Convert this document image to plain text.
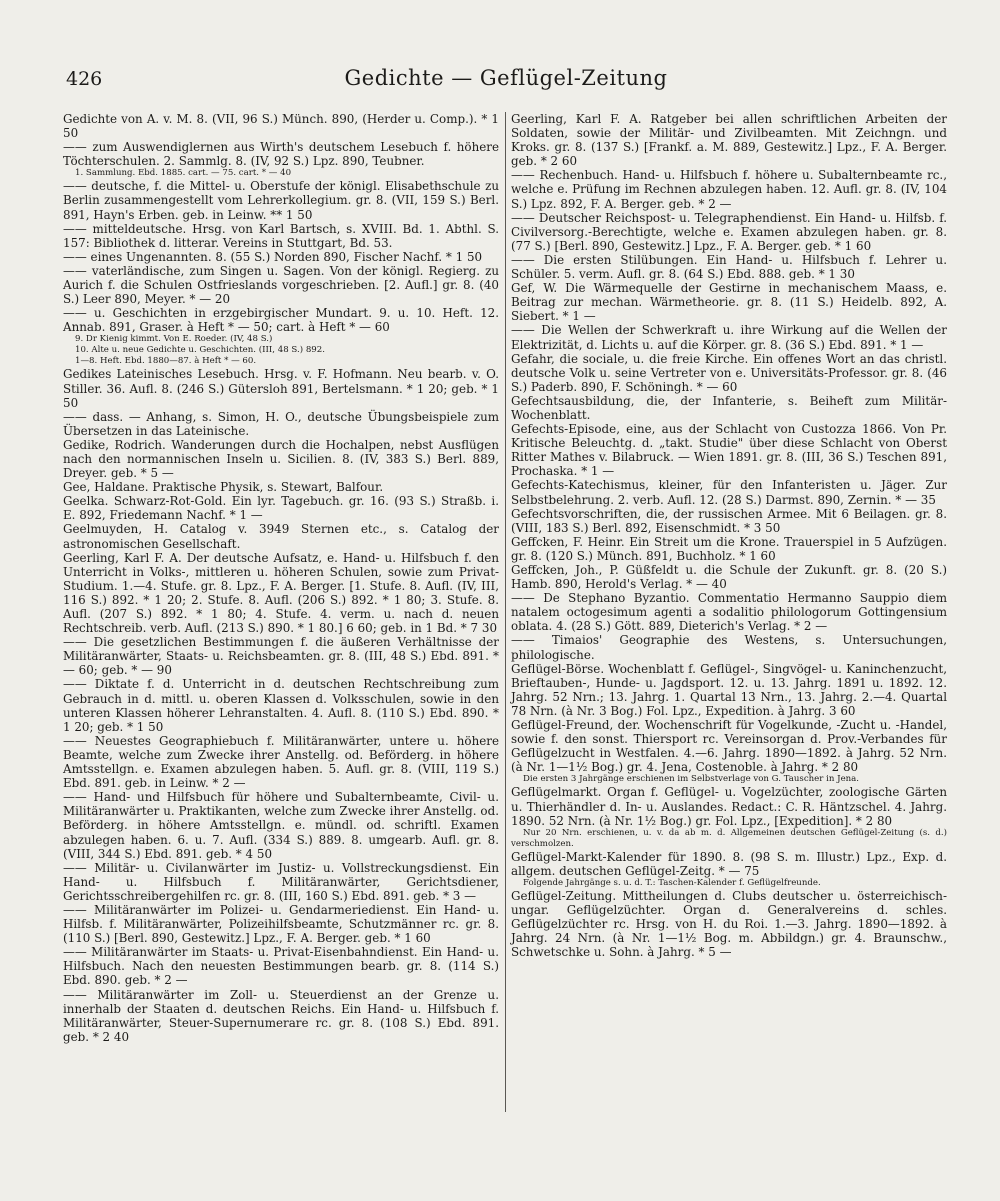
426	Gedichte — Geflügel-Zeitung

Gedichte von A. v. M. 8. (VII, 96 S.) Münch. 890, (Herder u. Comp.). * 1 50

—— zum Auswendiglernen aus Wirth's deutschem Lesebuch f. höhere Töchterschulen. 2. Sammlg. 8. (IV, 92 S.) Lpz. 890, Teubner.

1. Sammlung. Ebd. 1885. cart. — 75. cart. * — 40

—— deutsche, f. die Mittel- u. Oberstufe der königl. Elisabethschule zu Berlin zusammengestellt vom Lehrerkollegium. gr. 8. (VII, 159 S.) Berl. 891, Hayn's Erben. geb. in Leinw. ** 1 50

—— mitteldeutsche. Hrsg. von Karl Bartsch, s. XVIII. Bd. 1. Abthl. S. 157: Bibliothek d. litterar. Vereins in Stuttgart, Bd. 53.

—— eines Ungenannten. 8. (55 S.) Norden 890, Fischer Nachf. * 1 50

—— vaterländische, zum Singen u. Sagen. Von der königl. Regierg. zu Aurich f. die Schulen Ostfrieslands vorgeschrieben. [2. Aufl.] gr. 8. (40 S.) Leer 890, Meyer. * — 20

—— u. Geschichten in erzgebirgischer Mundart. 9. u. 10. Heft. 12. Annab. 891, Graser. à Heft * — 50; cart. à Heft * — 60

9. Dr Kienig kimmt. Von E. Roeder. (IV, 48 S.)

10. Alte u. neue Gedichte u. Geschichten. (III, 48 S.) 892.

1—8. Heft. Ebd. 1880—87. à Heft * — 60.

Gedikes Lateinisches Lesebuch. Hrsg. v. F. Hofmann. Neu bearb. v. O. Stiller. 36. Aufl. 8. (246 S.) Gütersloh 891, Bertelsmann. * 1 20; geb. * 1 50

—— dass. — Anhang, s. Simon, H. O., deutsche Übungsbeispiele zum Übersetzen in das Lateinische.

Gedike, Rodrich. Wanderungen durch die Hochalpen, nebst Ausflügen nach den normannischen Inseln u. Sicilien. 8. (IV, 383 S.) Berl. 889, Dreyer. geb. * 5 —

Gee, Haldane. Praktische Physik, s. Stewart, Balfour.

Geelka. Schwarz-Rot-Gold. Ein lyr. Tagebuch. gr. 16. (93 S.) Straßb. i. E. 892, Friedemann Nachf. * 1 —

Geelmuyden, H. Catalog v. 3949 Sternen etc., s. Catalog der astronomischen Gesellschaft.

Geerling, Karl F. A. Der deutsche Aufsatz, e. Hand- u. Hilfsbuch f. den Unterricht in Volks-, mittleren u. höheren Schulen, sowie zum Privat-Studium. 1.—4. Stufe. gr. 8. Lpz., F. A. Berger. [1. Stufe. 8. Aufl. (IV, III, 116 S.) 892. * 1 20; 2. Stufe. 8. Aufl. (206 S.) 892. * 1 80; 3. Stufe. 8. Aufl. (207 S.) 892. * 1 80; 4. Stufe. 4. verm. u. nach d. neuen Rechtschreib. verb. Aufl. (213 S.) 890. * 1 80.] 6 60; geb. in 1 Bd. * 7 30

—— Die gesetzlichen Bestimmungen f. die äußeren Verhältnisse der Militäranwärter, Staats- u. Reichsbeamten. gr. 8. (III, 48 S.) Ebd. 891. * — 60; geb. * — 90

—— Diktate f. d. Unterricht in d. deutschen Rechtschreibung zum Gebrauch in d. mittl. u. oberen Klassen d. Volksschulen, sowie in den unteren Klassen höherer Lehranstalten. 4. Aufl. 8. (110 S.) Ebd. 890. * 1 20; geb. * 1 50

—— Neuestes Geographiebuch f. Militäranwärter, untere u. höhere Beamte, welche zum Zwecke ihrer Anstellg. od. Beförderg. in höhere Amtsstellgn. e. Examen abzulegen haben. 5. Aufl. gr. 8. (VIII, 119 S.) Ebd. 891. geb. in Leinw. * 2 —

—— Hand- und Hilfsbuch für höhere und Subalternbeamte, Civil- u. Militäranwärter u. Praktikanten, welche zum Zwecke ihrer Anstellg. od. Beförderg. in höhere Amtsstellgn. e. mündl. od. schriftl. Examen abzulegen haben. 6. u. 7. Aufl. (334 S.) 889. 8. umgearb. Aufl. gr. 8. (VIII, 344 S.) Ebd. 891. geb. * 4 50

—— Militär- u. Civilanwärter im Justiz- u. Vollstreckungsdienst. Ein Hand- u. Hilfsbuch f. Militäranwärter, Gerichtsdiener, Gerichtsschreibergehilfen rc. gr. 8. (III, 160 S.) Ebd. 891. geb. * 3 —

—— Militäranwärter im Polizei- u. Gendarmeriedienst. Ein Hand- u. Hilfsb. f. Militäranwärter, Polizeihilfsbeamte, Schutzmänner rc. gr. 8. (110 S.) [Berl. 890, Gestewitz.] Lpz., F. A. Berger. geb. * 1 60

—— Militäranwärter im Staats- u. Privat-Eisenbahndienst. Ein Hand- u. Hilfsbuch. Nach den neuesten Bestimmungen bearb. gr. 8. (114 S.) Ebd. 890. geb. * 2 —

—— Militäranwärter im Zoll- u. Steuerdienst an der Grenze u. innerhalb der Staaten d. deutschen Reichs. Ein Hand- u. Hilfsbuch f. Militäranwärter, Steuer-Supernumerare rc. gr. 8. (108 S.) Ebd. 891. geb. * 2 40

Geerling, Karl F. A. Ratgeber bei allen schriftlichen Arbeiten der Soldaten, sowie der Militär- und Zivilbeamten. Mit Zeichngn. und Kroks. gr. 8. (137 S.) [Frankf. a. M. 889, Gestewitz.] Lpz., F. A. Berger. geb. * 2 60

—— Rechenbuch. Hand- u. Hilfsbuch f. höhere u. Subalternbeamte rc., welche e. Prüfung im Rechnen abzulegen haben. 12. Aufl. gr. 8. (IV, 104 S.) Lpz. 892, F. A. Berger. geb. * 2 —

—— Deutscher Reichspost- u. Telegraphendienst. Ein Hand- u. Hilfsb. f. Civilversorg.-Berechtigte, welche e. Examen abzulegen haben. gr. 8. (77 S.) [Berl. 890, Gestewitz.] Lpz., F. A. Berger. geb. * 1 60

—— Die ersten Stilübungen. Ein Hand- u. Hilfsbuch f. Lehrer u. Schüler. 5. verm. Aufl. gr. 8. (64 S.) Ebd. 888. geb. * 1 30

Gef, W. Die Wärmequelle der Gestirne in mechanischem Maass, e. Beitrag zur mechan. Wärmetheorie. gr. 8. (11 S.) Heidelb. 892, A. Siebert. * 1 —

—— Die Wellen der Schwerkraft u. ihre Wirkung auf die Wellen der Elektrizität, d. Lichts u. auf die Körper. gr. 8. (36 S.) Ebd. 891. * 1 —

Gefahr, die sociale, u. die freie Kirche. Ein offenes Wort an das christl. deutsche Volk u. seine Vertreter von e. Universitäts-Professor. gr. 8. (46 S.) Paderb. 890, F. Schöningh. * — 60

Gefechtsausbildung, die, der Infanterie, s. Beiheft zum Militär-Wochenblatt.

Gefechts-Episode, eine, aus der Schlacht von Custozza 1866. Von Pr. Kritische Beleuchtg. d. „takt. Studie" über diese Schlacht von Oberst Ritter Mathes v. Bilabruck. — Wien 1891. gr. 8. (III, 36 S.) Teschen 891, Prochaska. * 1 —

Gefechts-Katechismus, kleiner, für den Infanteristen u. Jäger. Zur Selbstbelehrung. 2. verb. Aufl. 12. (28 S.) Darmst. 890, Zernin. * — 35

Gefechtsvorschriften, die, der russischen Armee. Mit 6 Beilagen. gr. 8. (VIII, 183 S.) Berl. 892, Eisenschmidt. * 3 50

Geffcken, F. Heinr. Ein Streit um die Krone. Trauerspiel in 5 Aufzügen. gr. 8. (120 S.) Münch. 891, Buchholz. * 1 60

Geffcken, Joh., P. Güßfeldt u. die Schule der Zukunft. gr. 8. (20 S.) Hamb. 890, Herold's Verlag. * — 40

—— De Stephano Byzantio. Commentatio Hermanno Sauppio diem natalem octogesimum agenti a sodalitio philologorum Gottingensium oblata. 4. (28 S.) Gött. 889, Dieterich's Verlag. * 2 —

—— Timaios' Geographie des Westens, s. Untersuchungen, philologische.

Geflügel-Börse. Wochenblatt f. Geflügel-, Singvögel- u. Kaninchenzucht, Brieftauben-, Hunde- u. Jagdsport. 12. u. 13. Jahrg. 1891 u. 1892. 12. Jahrg. 52 Nrn.; 13. Jahrg. 1. Quartal 13 Nrn., 13. Jahrg. 2.—4. Quartal 78 Nrn. (à Nr. 3 Bog.) Fol. Lpz., Expedition. à Jahrg. 3 60

Geflügel-Freund, der. Wochenschrift für Vogelkunde, -Zucht u. -Handel, sowie f. den sonst. Thiersport rc. Vereinsorgan d. Prov.-Verbandes für Geflügelzucht in Westfalen. 4.—6. Jahrg. 1890—1892. à Jahrg. 52 Nrn. (à Nr. 1—1½ Bog.) gr. 4. Jena, Costenoble. à Jahrg. * 2 80

Die ersten 3 Jahrgänge erschienen im Selbstverlage von G. Tauscher in Jena.

Geflügelmarkt. Organ f. Geflügel- u. Vogelzüchter, zoologische Gärten u. Thierhändler d. In- u. Auslandes. Redact.: C. R. Häntzschel. 4. Jahrg. 1890. 52 Nrn. (à Nr. 1½ Bog.) gr. Fol. Lpz., [Expedition]. * 2 80

Nur 20 Nrn. erschienen, u. v. da ab m. d. Allgemeinen deutschen Geflügel-Zeitung (s. d.) verschmolzen.

Geflügel-Markt-Kalender für 1890. 8. (98 S. m. Illustr.) Lpz., Exp. d. allgem. deutschen Geflügel-Zeitg. * — 75

Folgende Jahrgänge s. u. d. T.: Taschen-Kalender f. Geflügelfreunde.

Geflügel-Zeitung. Mittheilungen d. Clubs deutscher u. österreichisch-ungar. Geflügelzüchter. Organ d. Generalvereins d. schles. Geflügelzüchter rc. Hrsg. von H. du Roi. 1.—3. Jahrg. 1890—1892. à Jahrg. 24 Nrn. (à Nr. 1—1½ Bog. m. Abbildgn.) gr. 4. Braunschw., Schwetschke u. Sohn. à Jahrg. * 5 —
